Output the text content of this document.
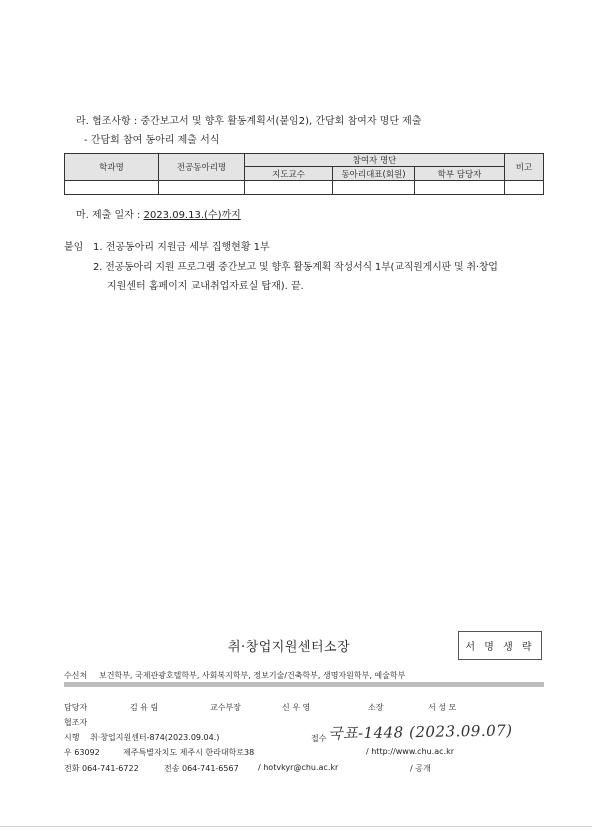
라. 협조사항 : 중간보고서 및 향후 활동계획서(붙임2), 간담회 참여자 명단 제출
- 간담회 참여 동아리 제출 서식
학과명	전공동아리명	참여자 명단			비고
		지도교수	동아리대표(회원)	학부 담당자	

마. 제출 일자 : 2023.09.13.(수)까지
붙임 1. 전공동아리 지원금 세부 집행현황 1부
2. 전공동아리 지원 프로그램 중간보고 및 향후 활동계획 작성서식 1부(교직원게시판 및 취·창업
지원센터 홈페이지 교내취업자료실 탑재). 끝.
취·창업지원센터소장	서 명 생 략
수신처 보건학부, 국제관광호텔학부, 사회복지학부, 정보기술/건축학부, 생명자원학부, 예술학부
담당자	김 유 림	교수부장	신 우 영	소장	서 성 모
협조자
시행 취·창업지원센터-874(2023.09.04.)	접수 국표-1448 (2023.09.07)
우 63092	제주특별자치도 제주시 한라대학로38	/ http://www.chu.ac.kr
전화 064-741-6722	전송 064-741-6567 / hotvkyr@chu.ac.kr	/ 공개
